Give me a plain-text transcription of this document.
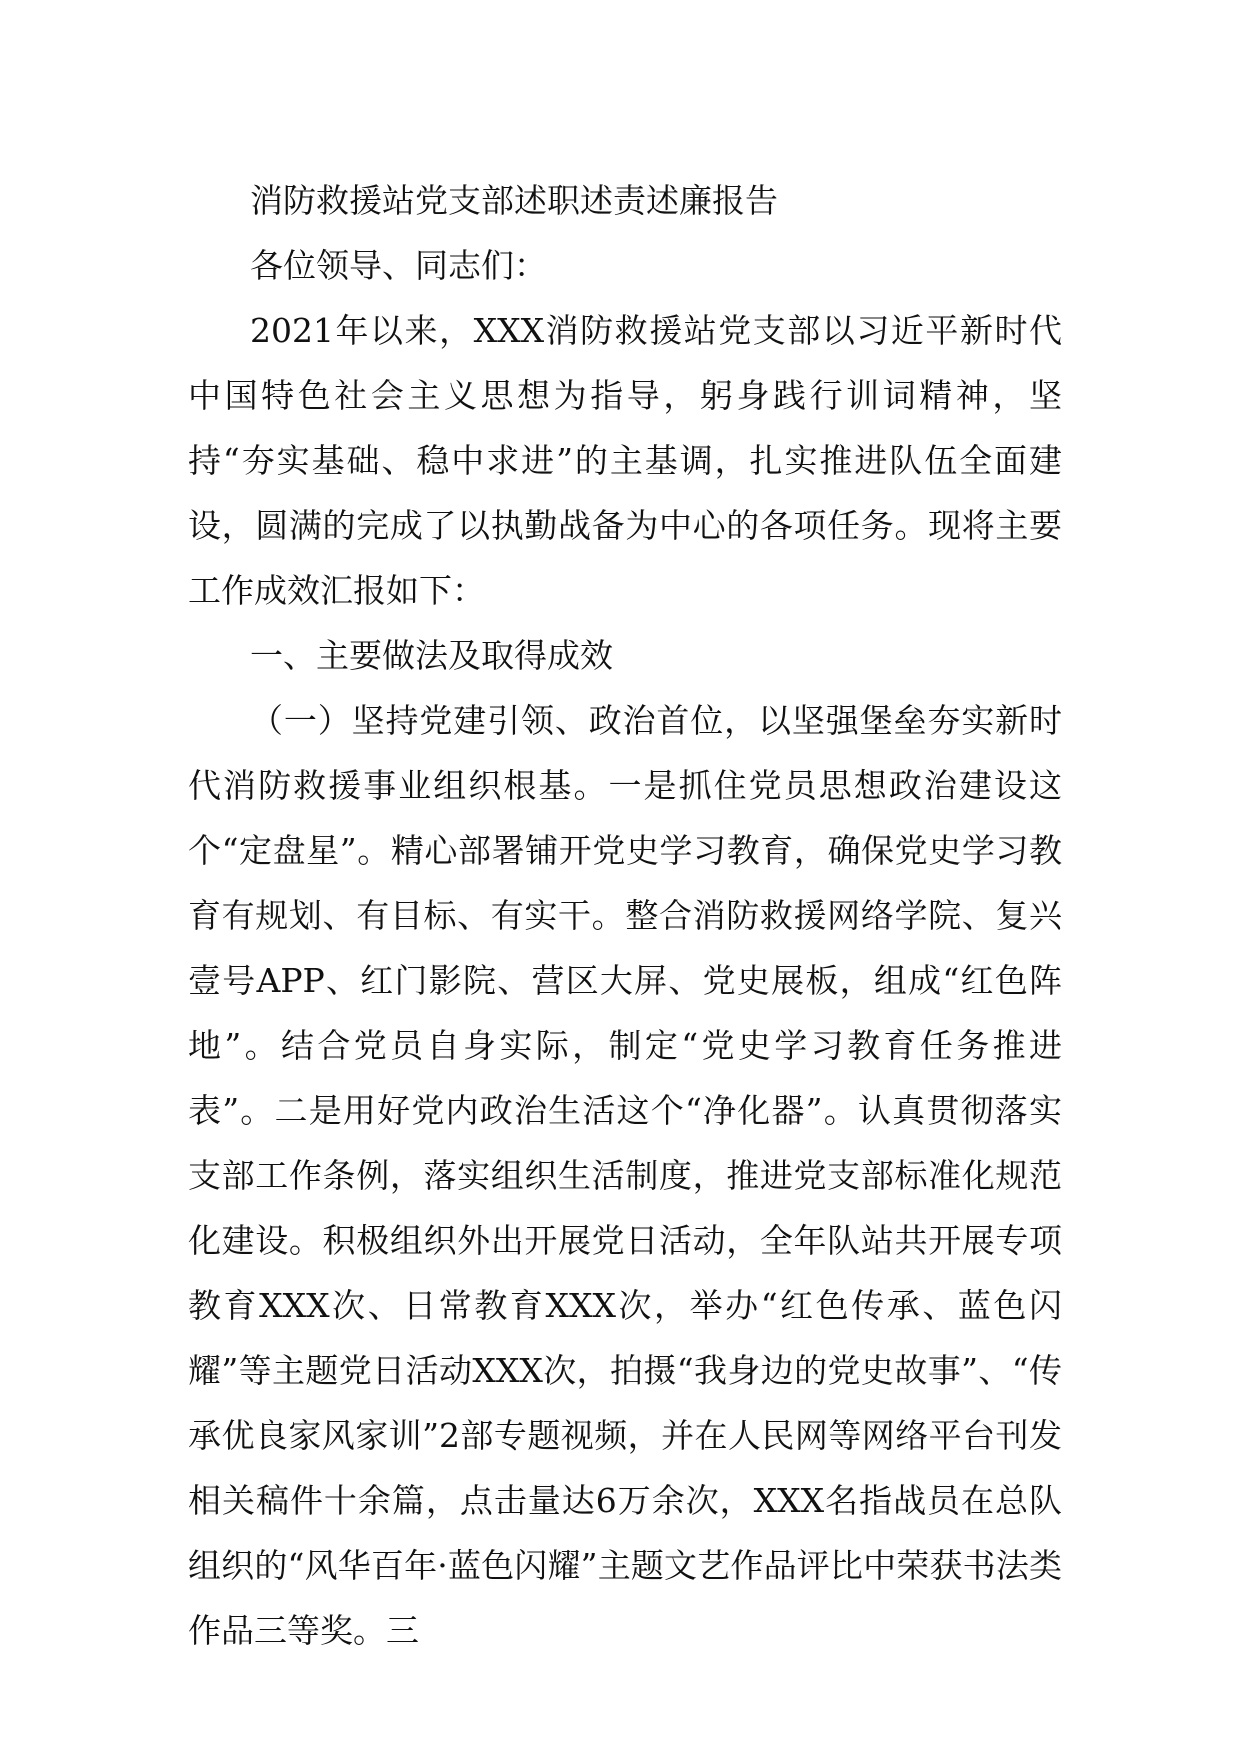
消防救援站党支部述职述责述廉报告

各位领导、同志们：

2021年以来，XXX消防救援站党支部以习近平新时代中国特色社会主义思想为指导，躬身践行训词精神，坚持“夯实基础、稳中求进”的主基调，扎实推进队伍全面建设，圆满的完成了以执勤战备为中心的各项任务。现将主要工作成效汇报如下：

一、主要做法及取得成效

（一）坚持党建引领、政治首位，以坚强堡垒夯实新时代消防救援事业组织根基。一是抓住党员思想政治建设这个“定盘星”。精心部署铺开党史学习教育，确保党史学习教育有规划、有目标、有实干。整合消防救援网络学院、复兴壹号APP、红门影院、营区大屏、党史展板，组成“红色阵地”。结合党员自身实际，制定“党史学习教育任务推进表”。二是用好党内政治生活这个“净化器”。认真贯彻落实支部工作条例，落实组织生活制度，推进党支部标准化规范化建设。积极组织外出开展党日活动，全年队站共开展专项教育XXX次、日常教育XXX次，举办“红色传承、蓝色闪耀”等主题党日活动XXX次，拍摄“我身边的党史故事”、“传承优良家风家训”2部专题视频，并在人民网等网络平台刊发相关稿件十余篇，点击量达6万余次，XXX名指战员在总队组织的“风华百年·蓝色闪耀”主题文艺作品评比中荣获书法类作品三等奖。三
